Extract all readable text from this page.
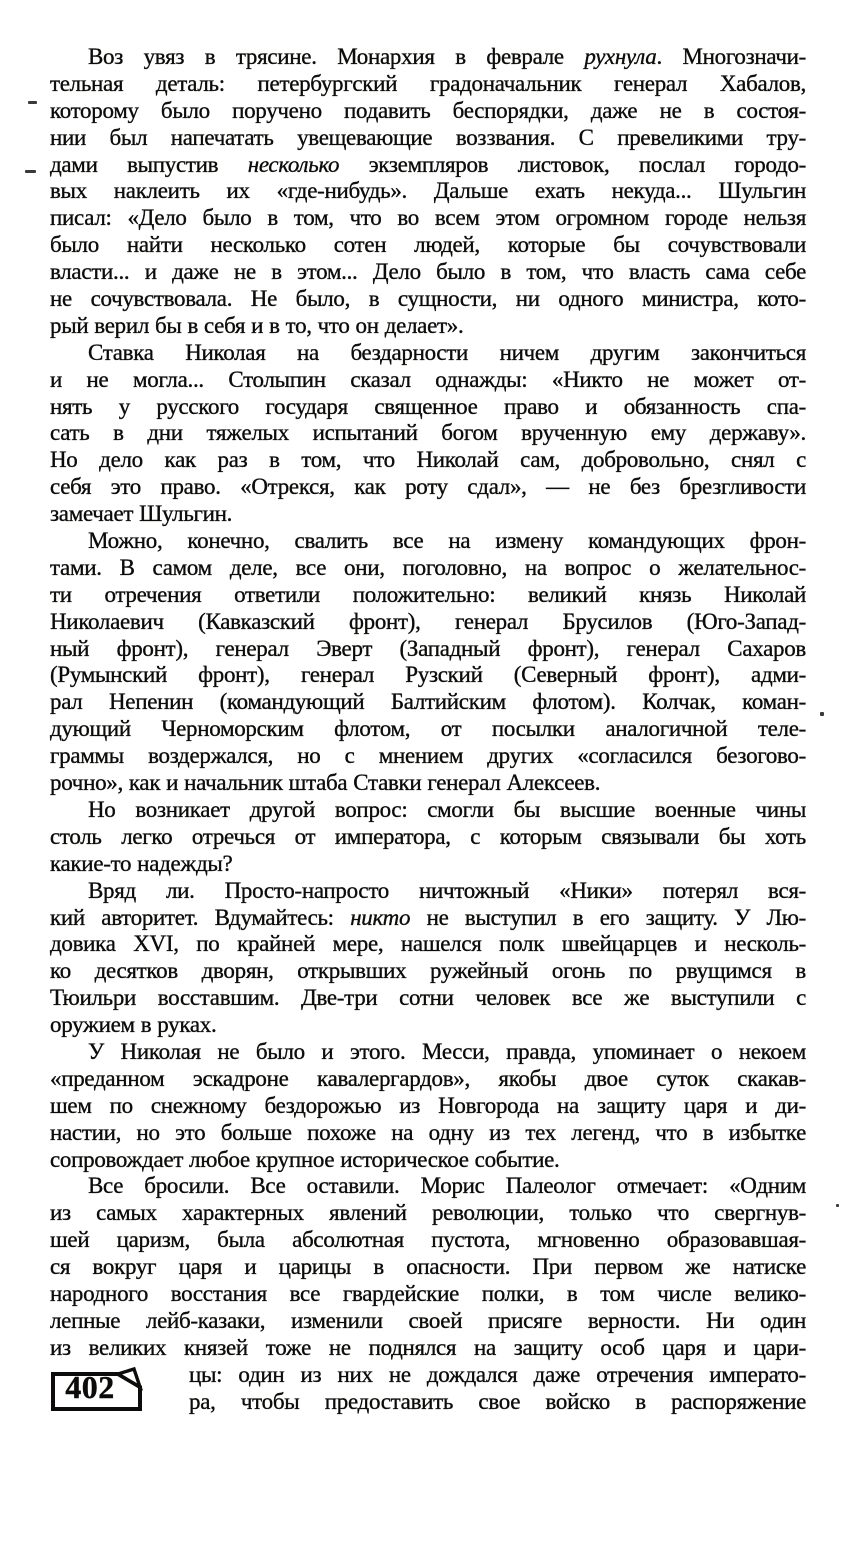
Воз увяз в трясине. Монархия в феврале рухнула. Многозначи-
тельная деталь: петербургский градоначальник генерал Хабалов,
которому было поручено подавить беспорядки, даже не в состоя-
нии был напечатать увещевающие воззвания. С превеликими тру-
дами выпустив несколько экземпляров листовок, послал городо-
вых наклеить их «где-нибудь». Дальше ехать некуда... Шульгин
писал: «Дело было в том, что во всем этом огромном городе нельзя
было найти несколько сотен людей, которые бы сочувствовали
власти... и даже не в этом... Дело было в том, что власть сама себе
не сочувствовала. Не было, в сущности, ни одного министра, кото-
рый верил бы в себя и в то, что он делает».
Ставка Николая на бездарности ничем другим закончиться
и не могла... Столыпин сказал однажды: «Никто не может от-
нять у русского государя священное право и обязанность спа-
сать в дни тяжелых испытаний богом врученную ему державу».
Но дело как раз в том, что Николай сам, добровольно, снял с
себя это право. «Отрекся, как роту сдал», — не без брезгливости
замечает Шульгин.
Можно, конечно, свалить все на измену командующих фрон-
тами. В самом деле, все они, поголовно, на вопрос о желательнос-
ти отречения ответили положительно: великий князь Николай
Николаевич (Кавказский фронт), генерал Брусилов (Юго-Запад-
ный фронт), генерал Эверт (Западный фронт), генерал Сахаров
(Румынский фронт), генерал Рузский (Северный фронт), адми-
рал Непенин (командующий Балтийским флотом). Колчак, коман-
дующий Черноморским флотом, от посылки аналогичной теле-
граммы воздержался, но с мнением других «согласился безогово-
рочно», как и начальник штаба Ставки генерал Алексеев.
Но возникает другой вопрос: смогли бы высшие военные чины
столь легко отречься от императора, с которым связывали бы хоть
какие-то надежды?
Вряд ли. Просто-напросто ничтожный «Ники» потерял вся-
кий авторитет. Вдумайтесь: никто не выступил в его защиту. У Лю-
довика XVI, по крайней мере, нашелся полк швейцарцев и несколь-
ко десятков дворян, открывших ружейный огонь по рвущимся в
Тюильри восставшим. Две-три сотни человек все же выступили с
оружием в руках.
У Николая не было и этого. Месси, правда, упоминает о некоем
«преданном эскадроне кавалергардов», якобы двое суток скакав-
шем по снежному бездорожью из Новгорода на защиту царя и ди-
настии, но это больше похоже на одну из тех легенд, что в избытке
сопровождает любое крупное историческое событие.
Все бросили. Все оставили. Морис Палеолог отмечает: «Одним
из самых характерных явлений революции, только что свергнув-
шей царизм, была абсолютная пустота, мгновенно образовавшая-
ся вокруг царя и царицы в опасности. При первом же натиске
народного восстания все гвардейские полки, в том числе велико-
лепные лейб-казаки, изменили своей присяге верности. Ни один
из великих князей тоже не поднялся на защиту особ царя и цари-
402	цы: один из них не дождался даже отречения императо-
ра, чтобы предоставить свое войско в распоряжение
